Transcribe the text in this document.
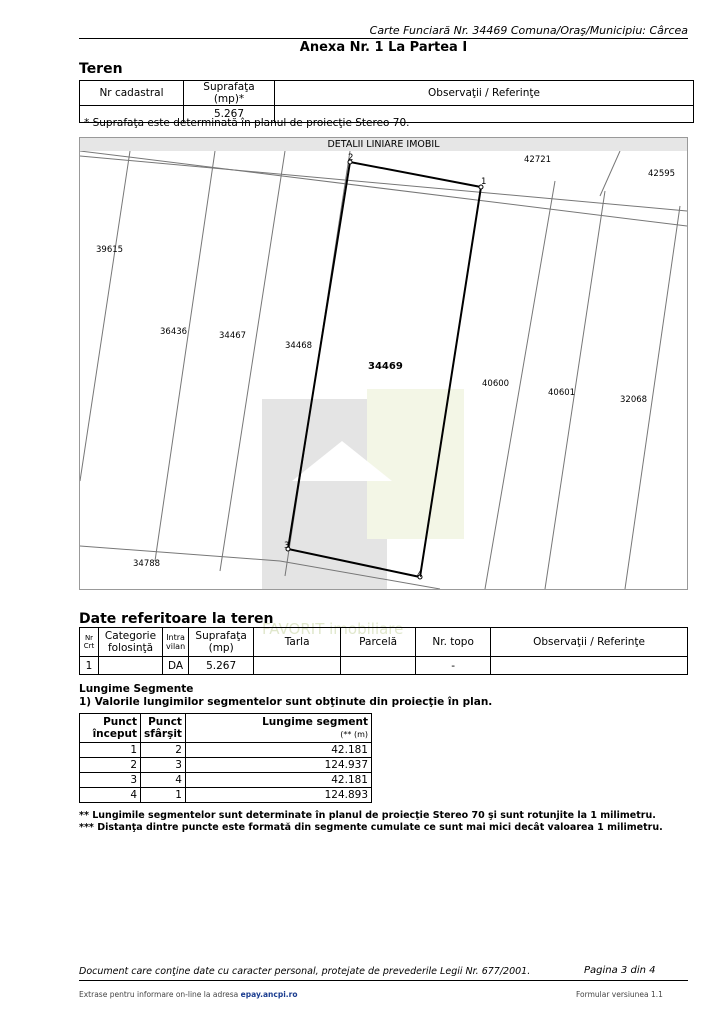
Carte Funciară Nr. 34469 Comuna/Oraş/Municipiu: Cârcea
Anexa Nr. 1 La Partea I
Teren
Nr cadastral	Suprafaţa (mp)*	Observaţii / Referinţe
	5.267	
* Suprafaţa este determinată în planul de proiecţie Stereo 70.
DETALII LINIARE IMOBIL
1
2
3
4
34469
42721
42595
39615
36436	34467
34468
40600
40601
32068
34788
FAVORIT imobiliare
Date referitoare la teren
Nr Crt	Categorie folosinţă	Intra vilan	Suprafaţa (mp)	Tarla	Parcelă	Nr. topo	Observaţii / Referinţe
1		DA	5.267			-	
Lungime Segmente
1) Valorile lungimilor segmentelor sunt obţinute din proiecţie în plan.
Punct început	Punct sfârşit	Lungime segment
(** (m)
1	2	42.181
2	3	124.937
3	4	42.181
4	1	124.893
** Lungimile segmentelor sunt determinate în planul de proiecţie Stereo 70 şi sunt rotunjite la 1 milimetru.
*** Distanţa dintre puncte este formată din segmente cumulate ce sunt mai mici decât valoarea 1 milimetru.
Document care conţine date cu caracter personal, protejate de prevederile Legii Nr. 677/2001.	Pagina 3 din 4
Extrase pentru informare on-line la adresa epay.ancpi.ro	Formular versiunea 1.1
